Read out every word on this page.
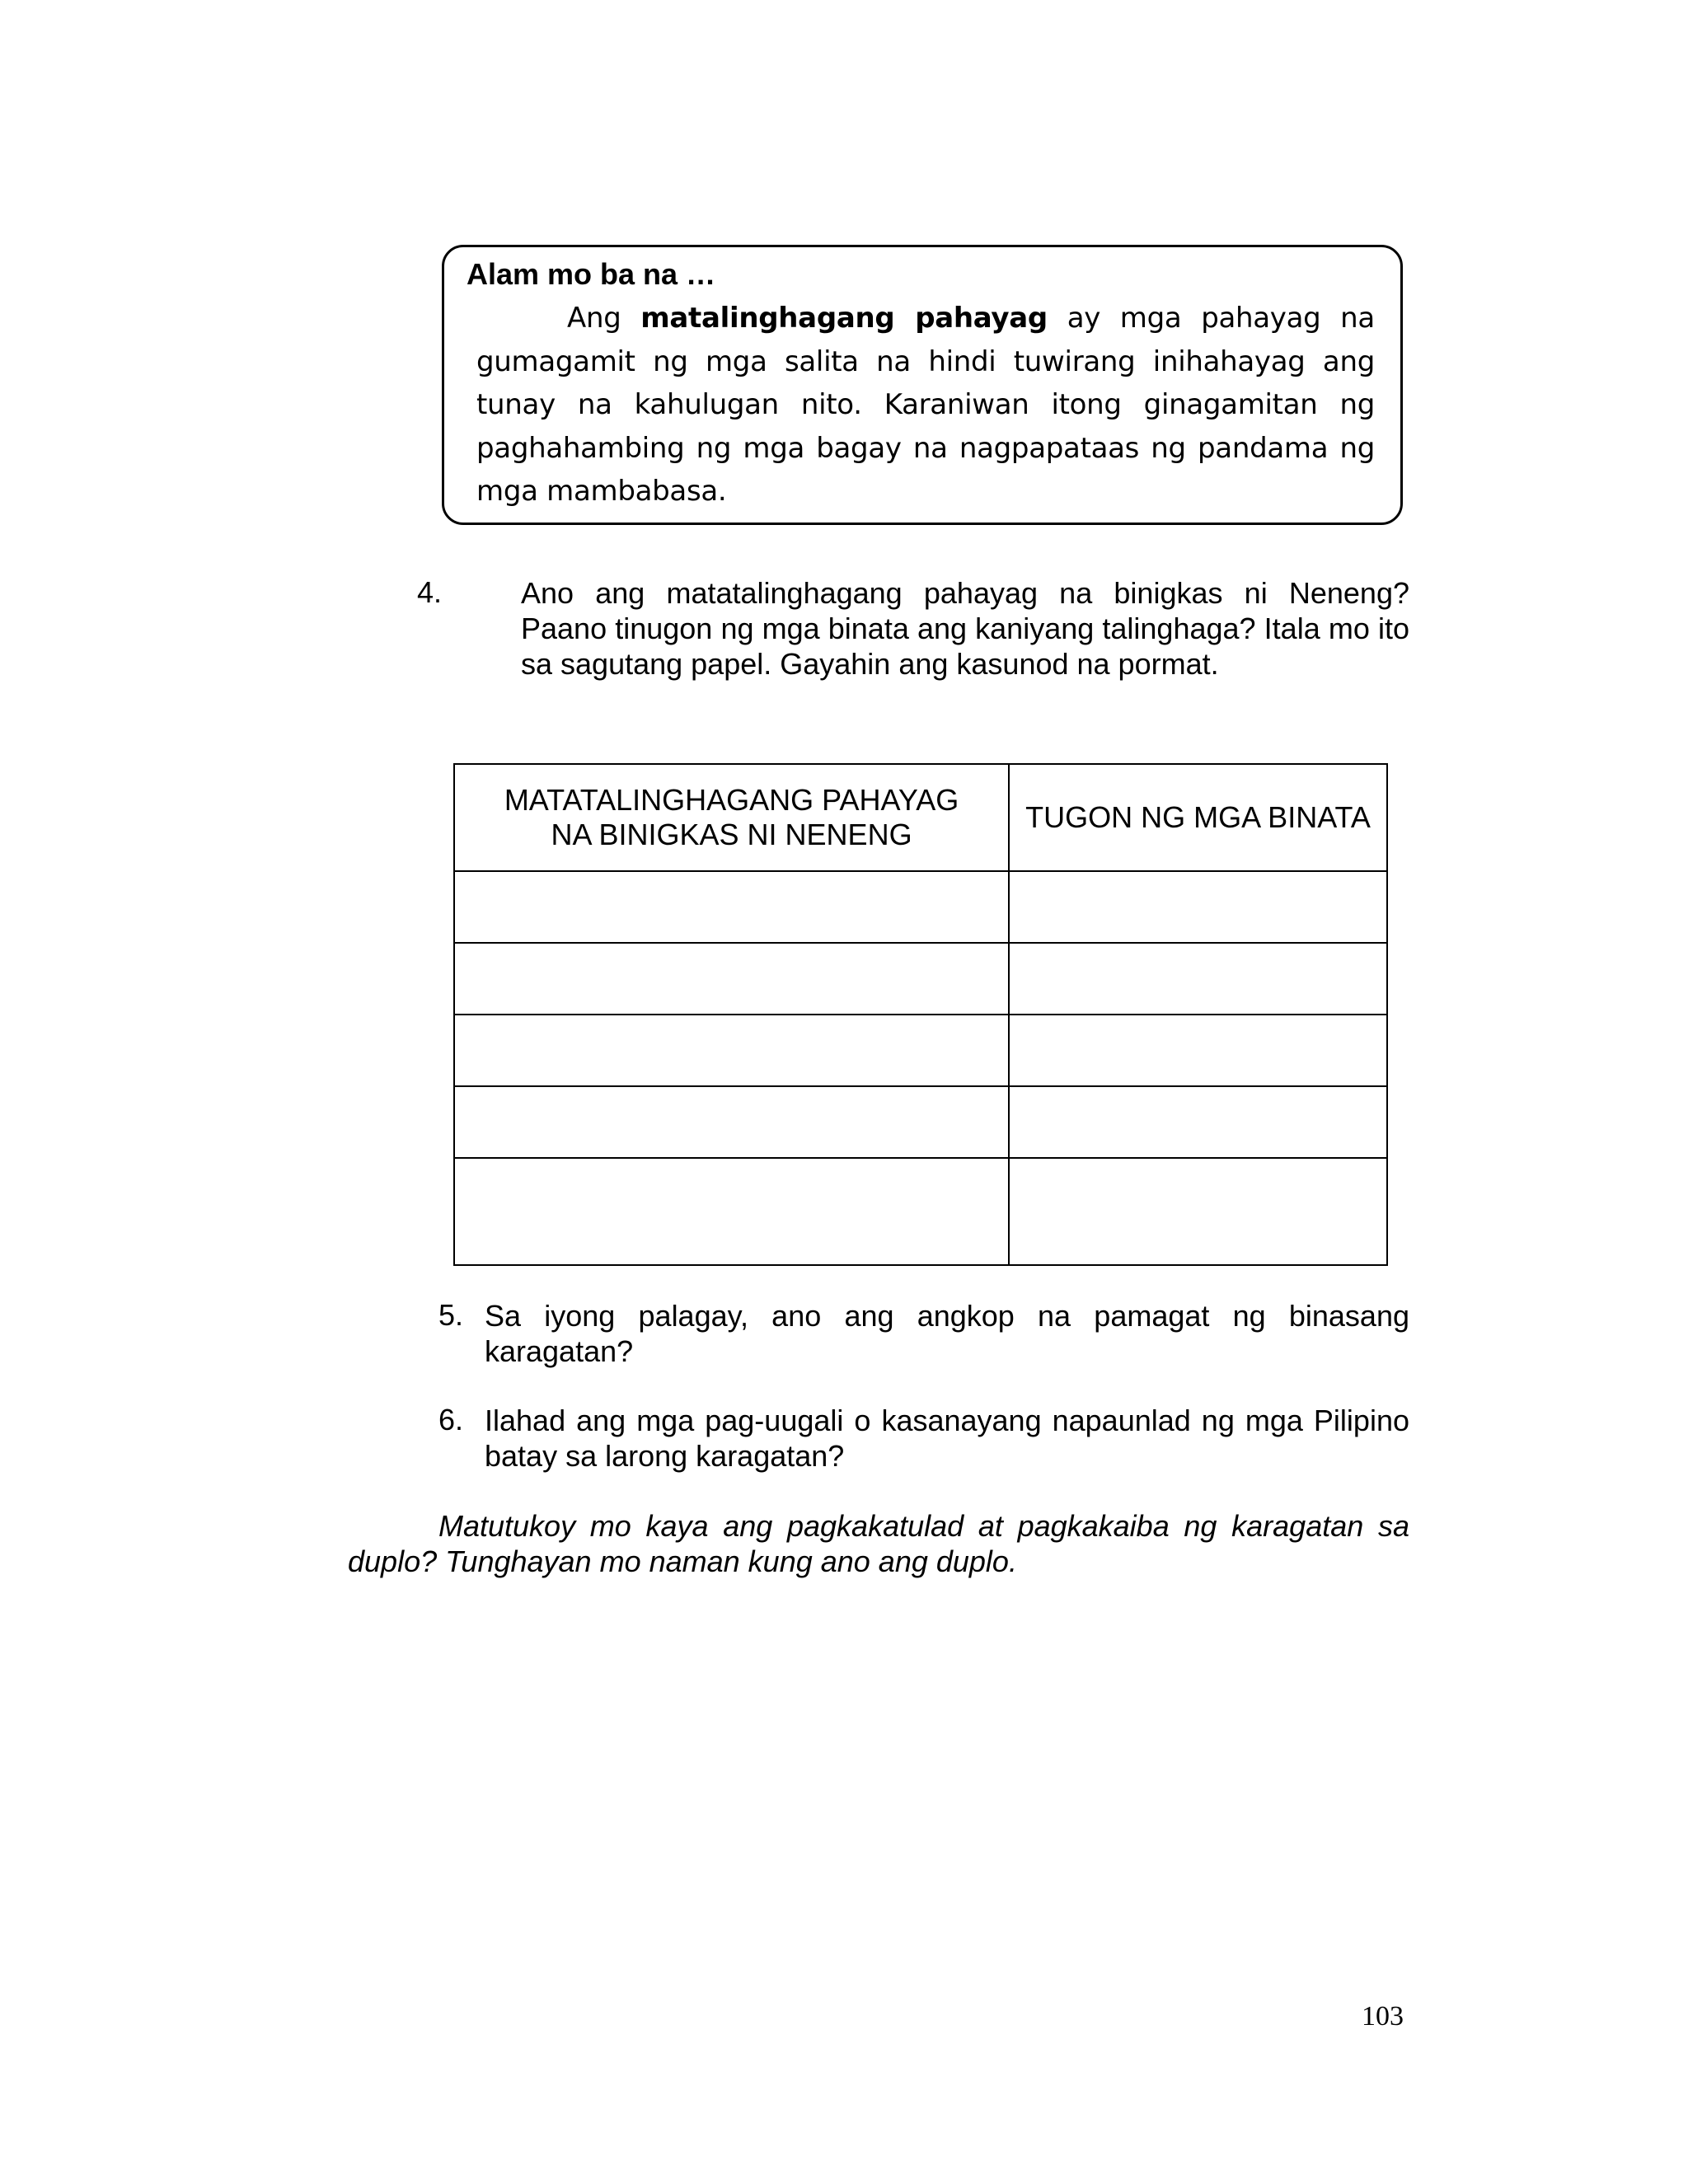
Alam mo ba na …
Ang matalinghagang pahayag ay mga pahayag na gumagamit ng mga salita na hindi tuwirang inihahayag ang tunay na kahulugan nito. Karaniwan itong ginagamitan ng paghahambing ng mga bagay na nagpapataas ng pandama ng mga mambabasa.
4.	Ano ang matatalinghagang pahayag na binigkas ni Neneng? Paano tinugon ng mga binata ang kaniyang talinghaga? Itala mo ito sa sagutang papel. Gayahin ang kasunod na pormat.
MATATALINGHAGANG PAHAYAG NA BINIGKAS NI NENENG	TUGON NG MGA BINATA

5. Sa iyong palagay, ano ang angkop na pamagat ng binasang karagatan?
6. Ilahad ang mga pag-uugali o kasanayang napaunlad ng mga Pilipino batay sa larong karagatan?
Matutukoy mo kaya ang pagkakatulad at pagkakaiba ng karagatan sa duplo? Tunghayan mo naman kung ano ang duplo.
103
